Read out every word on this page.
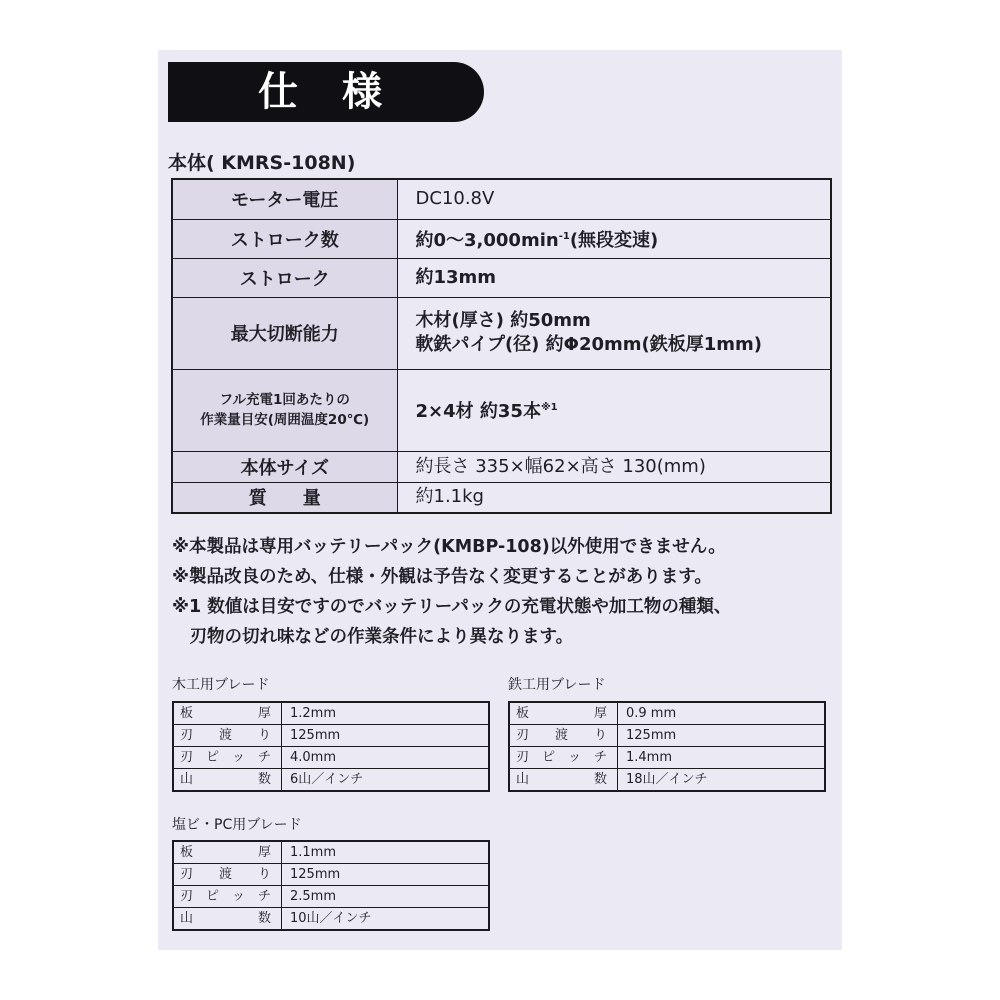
仕様
本体( KMRS-108N)
モーター電圧	DC10.8V
ストローク数	約$0\sim 3,000\min^{-1}$(無段変速)
ストローク	約13mm
最大切断能力	木材(厚さ) 約50mm
軟鉄パイプ(径) 約Φ20mm(鉄板厚1mm)

フル充電1回あたりの
作業量目安(周囲温度20℃)	2×4材 約35本$^{※1}$
本体サイズ	約長さ 335×幅62×高さ 130(mm)
質　　量	約1.1kg
※本製品は専用バッテリーパック(KMBP-108)以外使用できません。
※製品改良のため、仕様・外観は予告なく変更することがあります。
※1 数値は目安ですのでバッテリーパックの充電状態や加工物の種類、
　刃物の切れ味などの作業条件により異なります。
木工用ブレード
板 厚	1.2mm

刃 渡 り	125mm

刃 ピ ッ チ	4.0mm

山 数	6山／インチ
鉄工用ブレード
板 厚	0.9 mm

刃 渡 り	125mm

刃 ピ ッ チ	1.4mm

山 数	18山／インチ
塩ビ・PC用ブレード
板 厚	1.1mm

刃 渡 り	125mm

刃 ピ ッ チ	2.5mm

山 数	10山／インチ
